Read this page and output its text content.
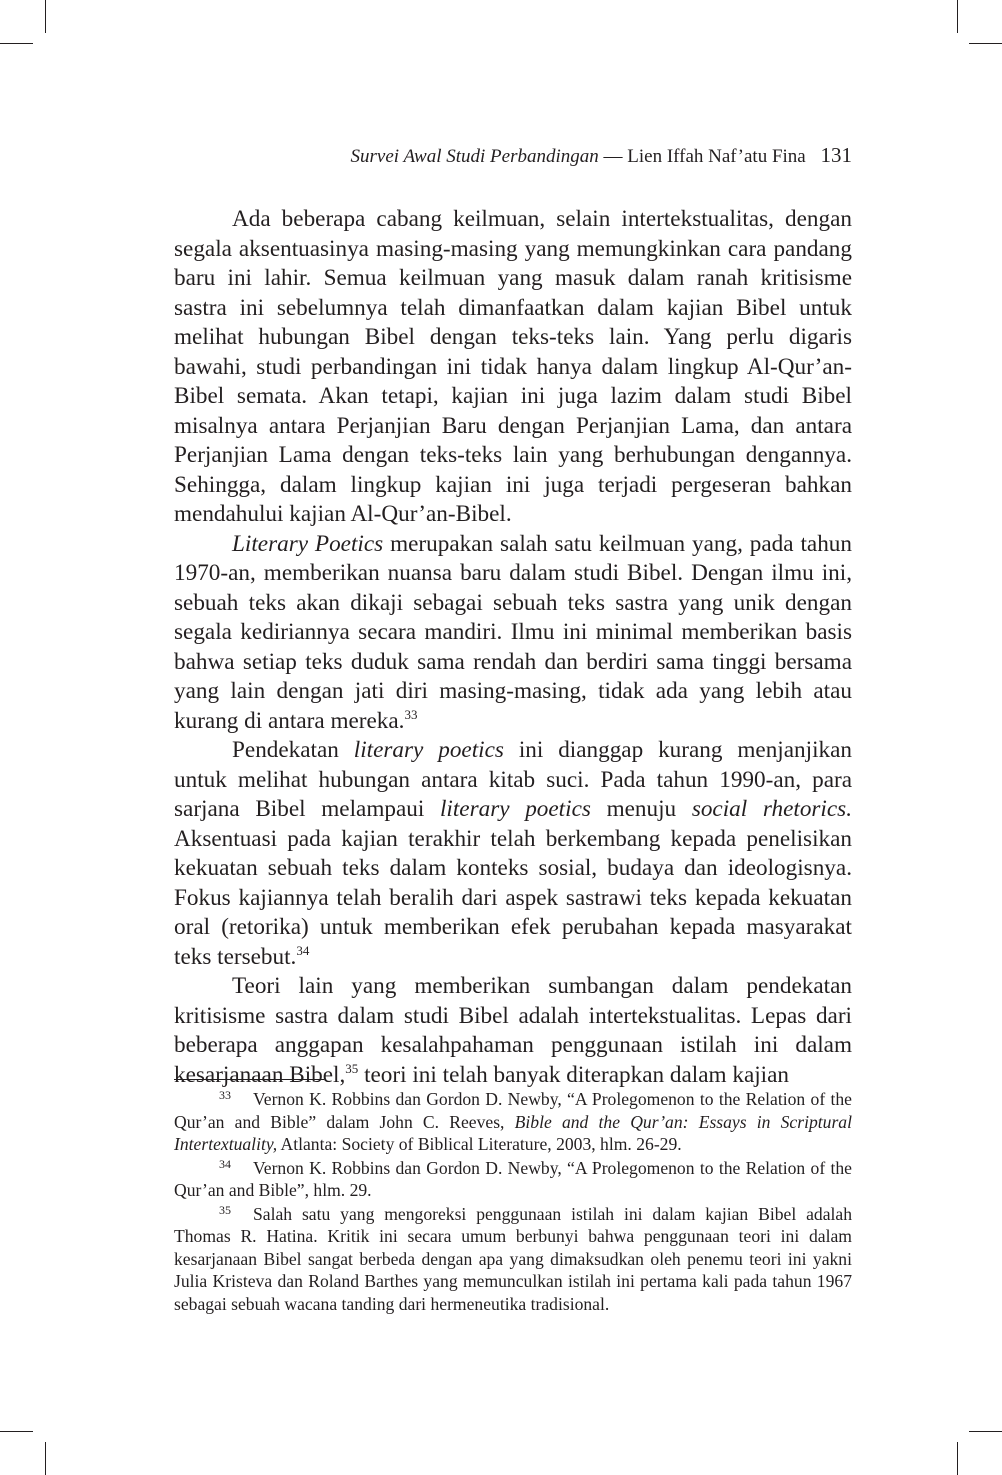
Survei Awal Studi Perbandingan — Lien Iffah Naf’atu Fina 131

Ada beberapa cabang keilmuan, selain intertekstualitas, dengan segala aksentuasinya masing-masing yang memungkinkan cara pandang baru ini lahir. Semua keilmuan yang masuk dalam ranah kritisisme sastra ini sebelumnya telah dimanfaatkan dalam kajian Bibel untuk melihat hubungan Bibel dengan teks-teks lain. Yang perlu digaris bawahi, studi perbandingan ini tidak hanya dalam lingkup Al-Qur’an-Bibel semata. Akan tetapi, kajian ini juga lazim dalam studi Bibel misalnya antara Perjanjian Baru dengan Perjanjian Lama, dan antara Perjanjian Lama dengan teks-teks lain yang berhubungan dengannya. Sehingga, dalam lingkup kajian ini juga terjadi pergeseran bahkan mendahului kajian Al-Qur’an-Bibel.

Literary Poetics merupakan salah satu keilmuan yang, pada tahun 1970-an, memberikan nuansa baru dalam studi Bibel. Dengan ilmu ini, sebuah teks akan dikaji sebagai sebuah teks sastra yang unik dengan segala kediriannya secara mandiri. Ilmu ini minimal memberikan basis bahwa setiap teks duduk sama rendah dan berdiri sama tinggi bersama yang lain dengan jati diri masing-masing, tidak ada yang lebih atau kurang di antara mereka.$^{33}$

Pendekatan literary poetics ini dianggap kurang menjanjikan untuk melihat hubungan antara kitab suci. Pada tahun 1990-an, para sarjana Bibel melampaui literary poetics menuju social rhetorics. Aksentuasi pada kajian terakhir telah berkembang kepada penelisikan kekuatan sebuah teks dalam konteks sosial, budaya dan ideologisnya. Fokus kajiannya telah beralih dari aspek sastrawi teks kepada kekuatan oral (retorika) untuk memberikan efek perubahan kepada masyarakat teks tersebut.$^{34}$

Teori lain yang memberikan sumbangan dalam pendekatan kritisisme sastra dalam studi Bibel adalah intertekstualitas. Lepas dari beberapa anggapan kesalahpahaman penggunaan istilah ini dalam kesarjanaan Bibel,$^{35}$ teori ini telah banyak diterapkan dalam kajian

$^{33}$ Vernon K. Robbins dan Gordon D. Newby, “A Prolegomenon to the Relation of the Qur’an and Bible” dalam John C. Reeves, Bible and the Qur’an: Essays in Scriptural Intertextuality, Atlanta: Society of Biblical Literature, 2003, hlm. 26-29.

$^{34}$ Vernon K. Robbins dan Gordon D. Newby, “A Prolegomenon to the Relation of the Qur’an and Bible”, hlm. 29.

$^{35}$ Salah satu yang mengoreksi penggunaan istilah ini dalam kajian Bibel adalah Thomas R. Hatina. Kritik ini secara umum berbunyi bahwa penggunaan teori ini dalam kesarjanaan Bibel sangat berbeda dengan apa yang dimaksudkan oleh penemu teori ini yakni Julia Kristeva dan Roland Barthes yang memunculkan istilah ini pertama kali pada tahun 1967 sebagai sebuah wacana tanding dari hermeneutika tradisional.
